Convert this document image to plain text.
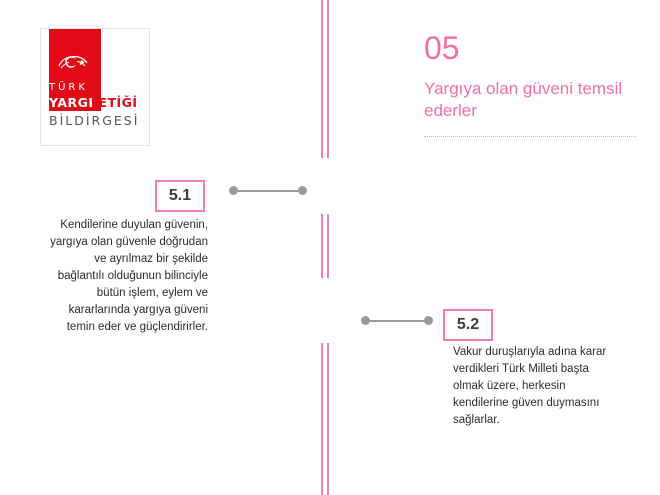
TÜRK
YARGI ETİĞİ
BİLDİRGESİ
05
Yargıya olan güveni temsil ederler
5.1
Kendilerine duyulan güvenin,
yargıya olan güvenle doğrudan
ve ayrılmaz bir şekilde
bağlantılı olduğunun bilinciyle
bütün işlem, eylem ve
kararlarında yargıya güveni
temin eder ve güçlendirirler.	5.2
Vakur duruşlarıyla adına karar
verdikleri Türk Milleti başta
olmak üzere, herkesin
kendilerine güven duymasını
sağlarlar.
